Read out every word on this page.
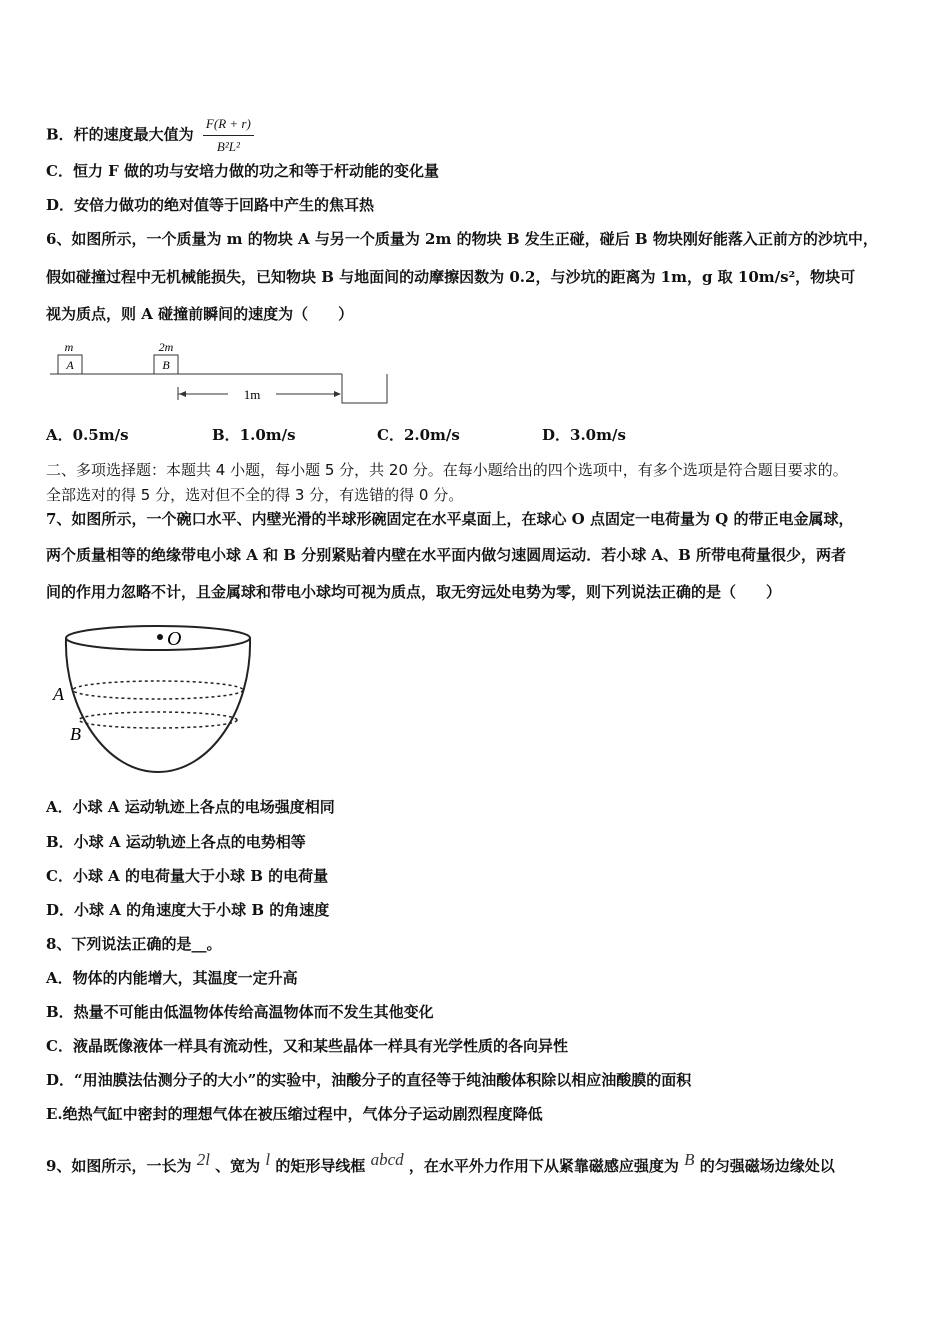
B．杆的速度最大值为 $\frac{F(R + r)}{\text{B²L²}}$
C．恒力 F 做的功与安培力做的功之和等于杆动能的变化量
D．安倍力做功的绝对值等于回路中产生的焦耳热
6、如图所示，一个质量为 m 的物块 A 与另一个质量为 2m 的物块 B 发生正碰，碰后 B 物块刚好能落入正前方的沙坑中，
假如碰撞过程中无机械能损失，已知物块 B 与地面间的动摩擦因数为 0.2，与沙坑的距离为 1m，g 取 10m/s²，物块可
视为质点，则 A 碰撞前瞬间的速度为（　　）
A
m
B
2m
1m
A．0.5m/s	B．1.0m/s	C．2.0m/s	D．3.0m/s
二、多项选择题：本题共 4 小题，每小题 5 分，共 20 分。在每小题给出的四个选项中，有多个选项是符合题目要求的。
全部选对的得 5 分，选对但不全的得 3 分，有选错的得 0 分。
7、如图所示，一个碗口水平、内壁光滑的半球形碗固定在水平桌面上，在球心 O 点固定一电荷量为 Q 的带正电金属球，
两个质量相等的绝缘带电小球 A 和 B 分别紧贴着内壁在水平面内做匀速圆周运动．若小球 A、B 所带电荷量很少，两者
间的作用力忽略不计，且金属球和带电小球均可视为质点，取无穷远处电势为零，则下列说法正确的是（　　）
O
A
B
A．小球 A 运动轨迹上各点的电场强度相同
B．小球 A 运动轨迹上各点的电势相等
C．小球 A 的电荷量大于小球 B 的电荷量
D．小球 A 的角速度大于小球 B 的角速度
8、下列说法正确的是__。
A．物体的内能增大，其温度一定升高
B．热量不可能由低温物体传给高温物体而不发生其他变化
C．液晶既像液体一样具有流动性，又和某些晶体一样具有光学性质的各向异性
D．“用油膜法估测分子的大小”的实验中，油酸分子的直径等于纯油酸体积除以相应油酸膜的面积
E.绝热气缸中密封的理想气体在被压缩过程中，气体分子运动剧烈程度降低
9、如图所示，一长为 2l 、宽为 l 的矩形导线框 abcd ，在水平外力作用下从紧靠磁感应强度为 B 的匀强磁场边缘处以
